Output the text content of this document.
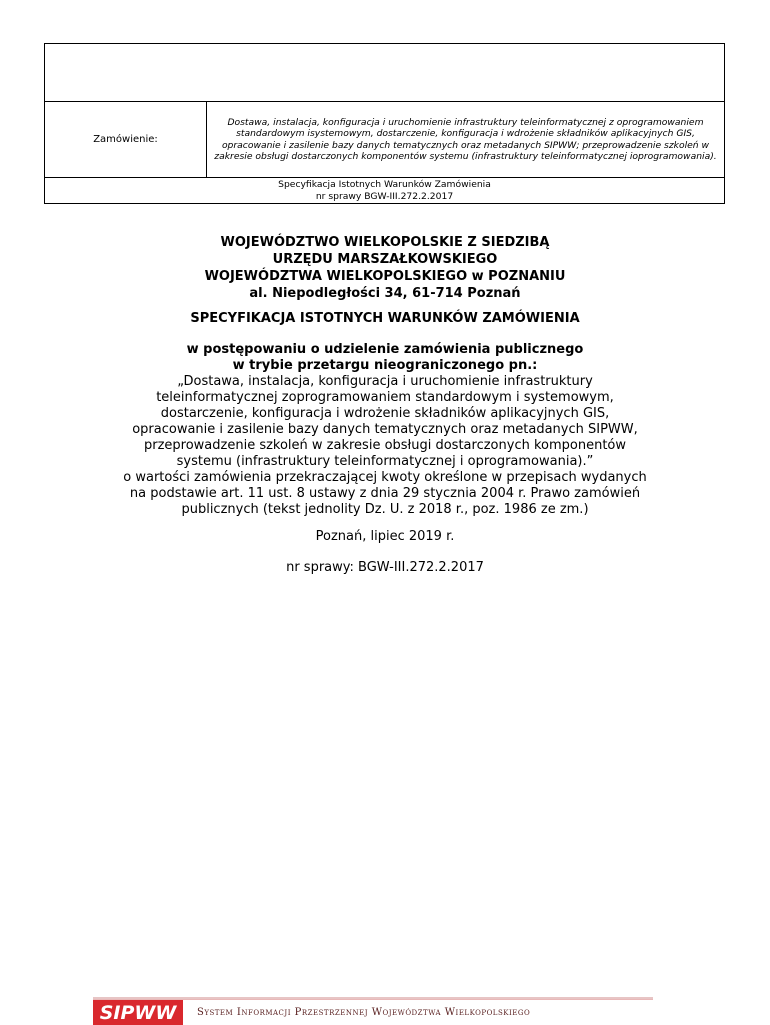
Zamówienie:
Dostawa, instalacja, konfiguracja i uruchomienie infrastruktury teleinformatycznej z oprogramowaniem standardowym isystemowym, dostarczenie, konfiguracja i wdrożenie składników aplikacyjnych GIS, opracowanie i zasilenie bazy danych tematycznych oraz metadanych SIPWW; przeprowadzenie szkoleń w zakresie obsługi dostarczonych komponentów systemu (infrastruktury teleinformatycznej ioprogramowania).
Specyfikacja Istotnych Warunków Zamówienia
nr sprawy BGW-III.272.2.2017
WOJEWÓDZTWO WIELKOPOLSKIE Z SIEDZIBĄ
URZĘDU MARSZAŁKOWSKIEGO
WOJEWÓDZTWA WIELKOPOLSKIEGO w POZNANIU
al. Niepodległości 34, 61-714 Poznań
SPECYFIKACJA ISTOTNYCH WARUNKÓW ZAMÓWIENIA
w postępowaniu o udzielenie zamówienia publicznego
w trybie przetargu nieograniczonego pn.:
„Dostawa, instalacja, konfiguracja i uruchomienie infrastruktury
teleinformatycznej zoprogramowaniem standardowym i systemowym,
dostarczenie, konfiguracja i wdrożenie składników aplikacyjnych GIS,
opracowanie i zasilenie bazy danych tematycznych oraz metadanych SIPWW,
przeprowadzenie szkoleń w zakresie obsługi dostarczonych komponentów
systemu (infrastruktury teleinformatycznej i oprogramowania).”
o wartości zamówienia przekraczającej kwoty określone w przepisach wydanych
na podstawie art. 11 ust. 8 ustawy z dnia 29 stycznia 2004 r. Prawo zamówień
publicznych (tekst jednolity Dz. U. z 2018 r., poz. 1986 ze zm.)
Poznań, lipiec 2019 r.
nr sprawy: BGW-III.272.2.2017
SIPWW	System Informacji Przestrzennej Województwa Wielkopolskiego
